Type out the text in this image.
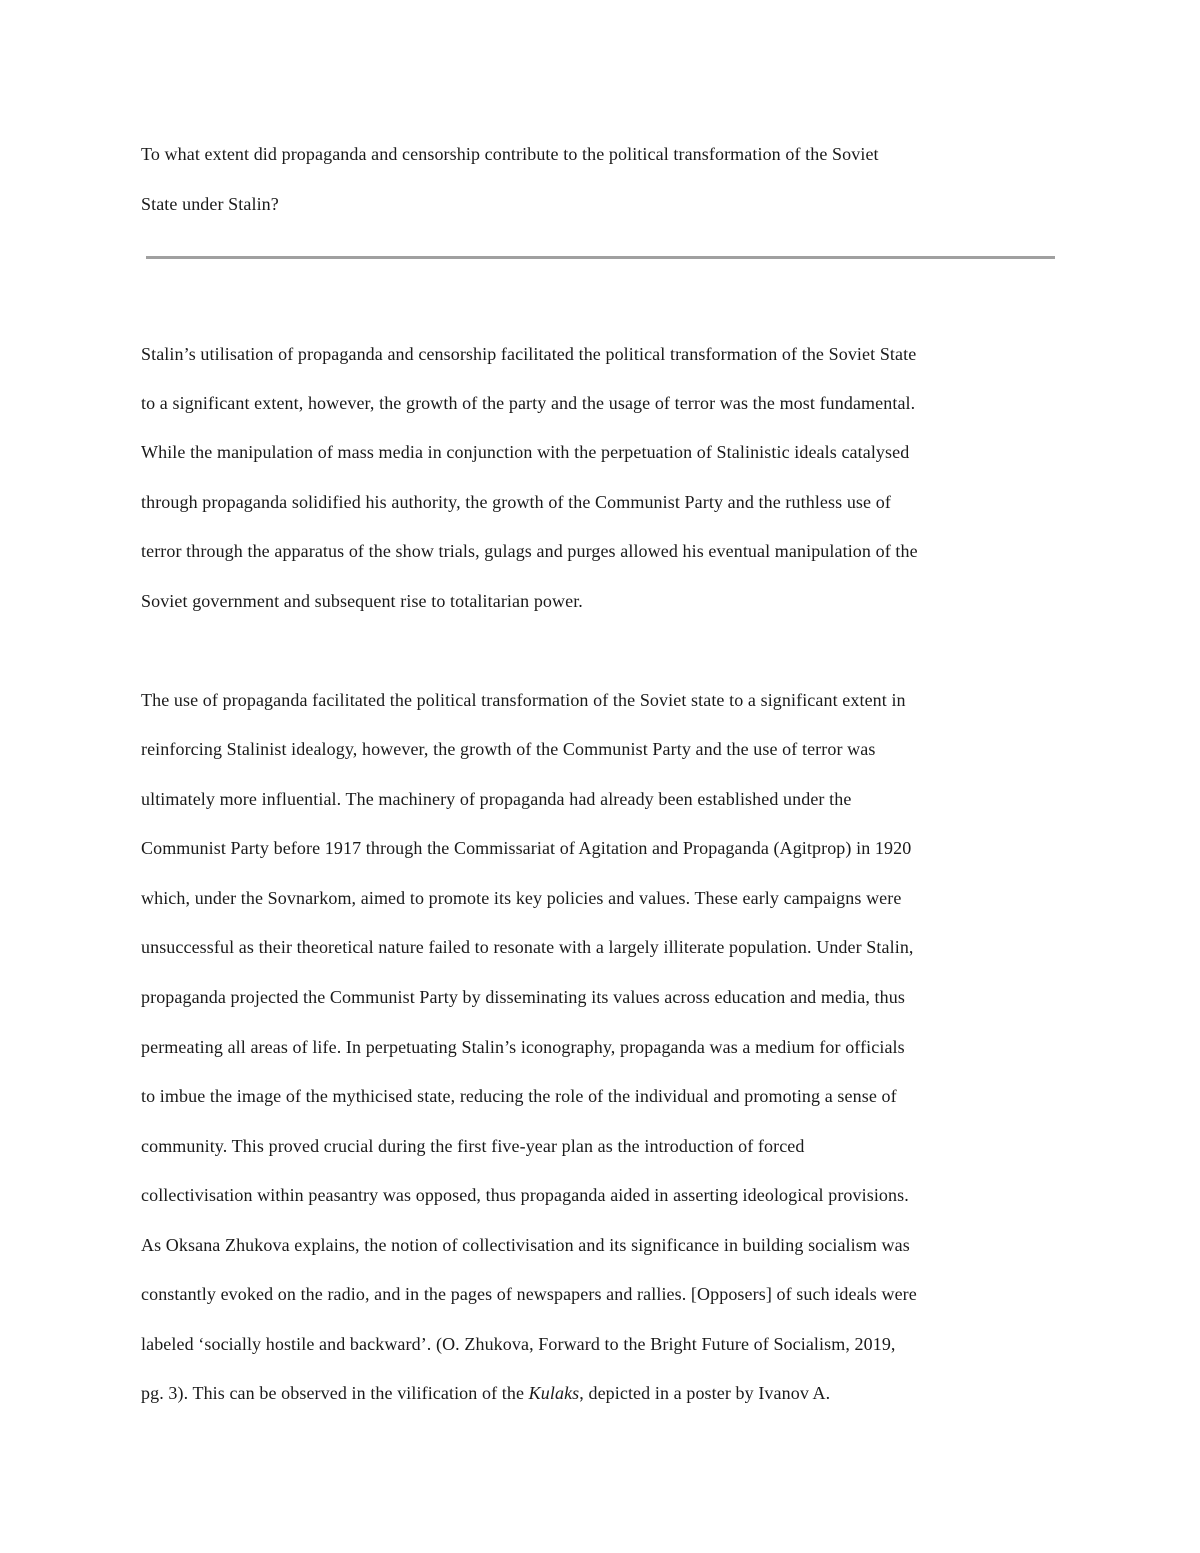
To what extent did propaganda and censorship contribute to the political transformation of the Soviet
State under Stalin?
Stalin’s utilisation of propaganda and censorship facilitated the political transformation of the Soviet State
to a significant extent, however, the growth of the party and the usage of terror was the most fundamental.
While the manipulation of mass media in conjunction with the perpetuation of Stalinistic ideals catalysed
through propaganda solidified his authority, the growth of the Communist Party and the ruthless use of
terror through the apparatus of the show trials, gulags and purges allowed his eventual manipulation of the
Soviet government and subsequent rise to totalitarian power.
The use of propaganda facilitated the political transformation of the Soviet state to a significant extent in
reinforcing Stalinist idealogy, however, the growth of the Communist Party and the use of terror was
ultimately more influential. The machinery of propaganda had already been established under the
Communist Party before 1917 through the Commissariat of Agitation and Propaganda (Agitprop) in 1920
which, under the Sovnarkom, aimed to promote its key policies and values. These early campaigns were
unsuccessful as their theoretical nature failed to resonate with a largely illiterate population. Under Stalin,
propaganda projected the Communist Party by disseminating its values across education and media, thus
permeating all areas of life. In perpetuating Stalin’s iconography, propaganda was a medium for officials
to imbue the image of the mythicised state, reducing the role of the individual and promoting a sense of
community. This proved crucial during the first five-year plan as the introduction of forced
collectivisation within peasantry was opposed, thus propaganda aided in asserting ideological provisions.
As Oksana Zhukova explains, the notion of collectivisation and its significance in building socialism was
constantly evoked on the radio, and in the pages of newspapers and rallies. [Opposers] of such ideals were
labeled ‘socially hostile and backward’. (O. Zhukova, Forward to the Bright Future of Socialism, 2019,
pg. 3). This can be observed in the vilification of the Kulaks, depicted in a poster by Ivanov A.
